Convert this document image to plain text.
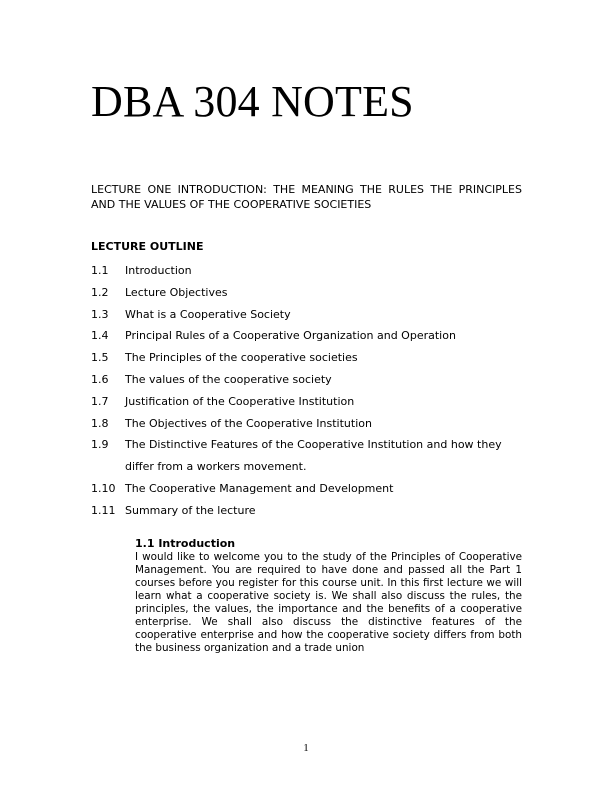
DBA 304 NOTES
LECTURE ONE INTRODUCTION: THE MEANING THE RULES THE PRINCIPLES AND THE VALUES OF THE COOPERATIVE SOCIETIES
LECTURE OUTLINE
1.1	Introduction
1.2	Lecture Objectives
1.3	What is a Cooperative Society
1.4	Principal Rules of a Cooperative Organization and Operation
1.5	The Principles of the cooperative societies
1.6	The values of the cooperative society
1.7	Justification of the Cooperative Institution
1.8	The Objectives of the Cooperative Institution
1.9	The Distinctive Features of the Cooperative Institution and how they differ from a workers movement.
1.10 The Cooperative Management and Development
1.11 Summary of the lecture
1.1 Introduction

I would like to welcome you to the study of the Principles of Cooperative Management. You are required to have done and passed all the Part 1 courses before you register for this course unit. In this first lecture we will learn what a cooperative society is. We shall also discuss the rules, the principles, the values, the importance and the benefits of a cooperative enterprise. We shall also discuss the distinctive features of the cooperative enterprise and how the cooperative society differs from both the business organization and a trade union

1
